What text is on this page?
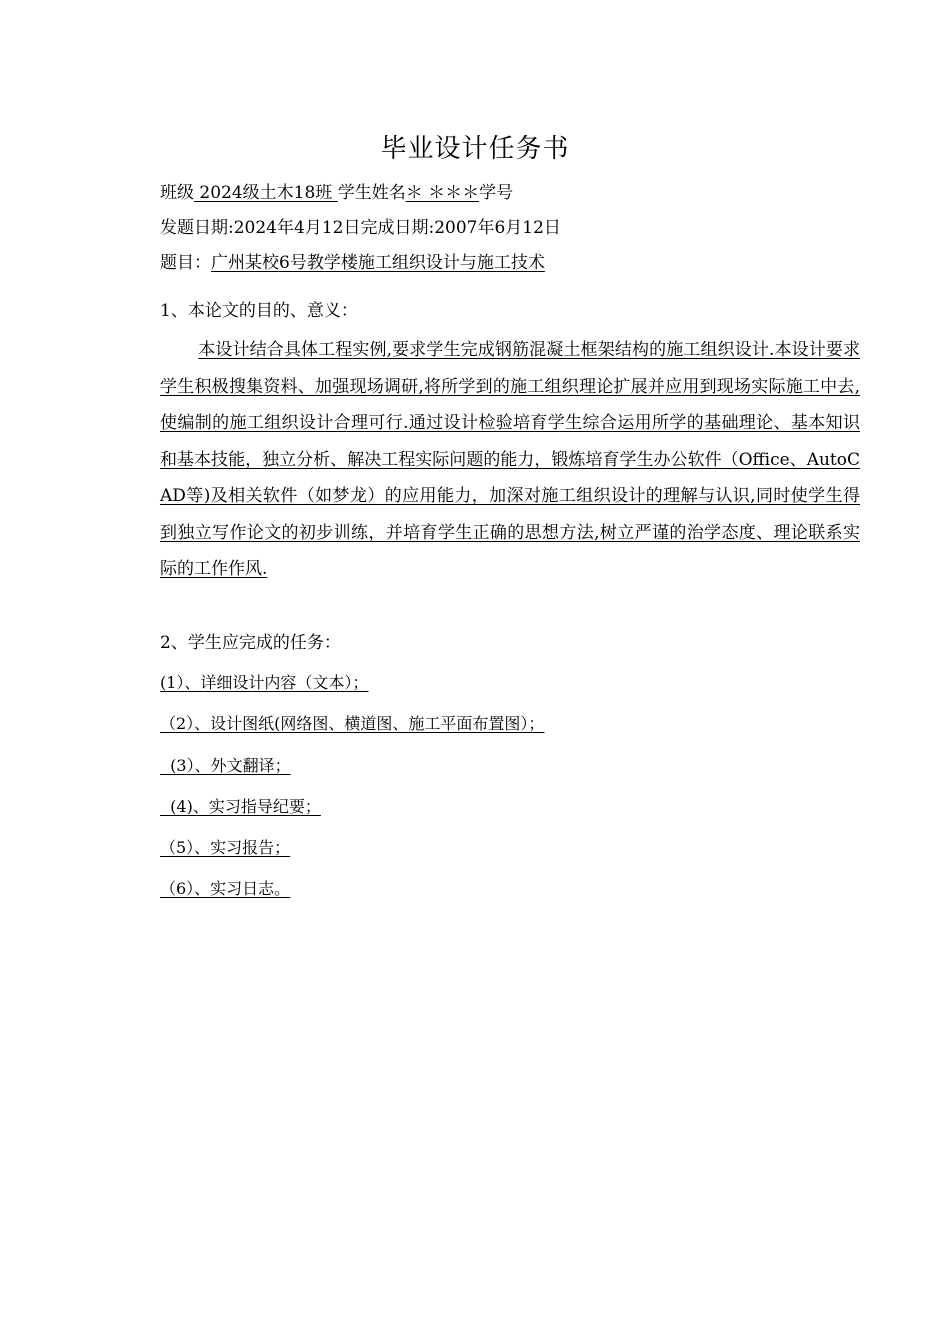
毕业设计任务书
班级 2024级土木18班 学生姓名＊ ＊＊＊学号
发题日期:2024年4月12日完成日期:2007年6月12日
题目：广州某校6号教学楼施工组织设计与施工技术
1、本论文的目的、意义：
本设计结合具体工程实例,要求学生完成钢筋混凝土框架结构的施工组织设计.本设计要求学生积极搜集资料、加强现场调研,将所学到的施工组织理论扩展并应用到现场实际施工中去,使编制的施工组织设计合理可行.通过设计检验培育学生综合运用所学的基础理论、基本知识和基本技能，独立分析、解决工程实际问题的能力，锻炼培育学生办公软件（Office、AutoCAD等)及相关软件（如梦龙）的应用能力，加深对施工组织设计的理解与认识,同时使学生得到独立写作论文的初步训练，并培育学生正确的思想方法,树立严谨的治学态度、理论联系实际的工作作风.
2、学生应完成的任务：
(1）、详细设计内容（文本）；
（2）、设计图纸(网络图、横道图、施工平面布置图）；
(3）、外文翻译；
(4)、实习指导纪要；
（5）、实习报告；
（6）、实习日志。
